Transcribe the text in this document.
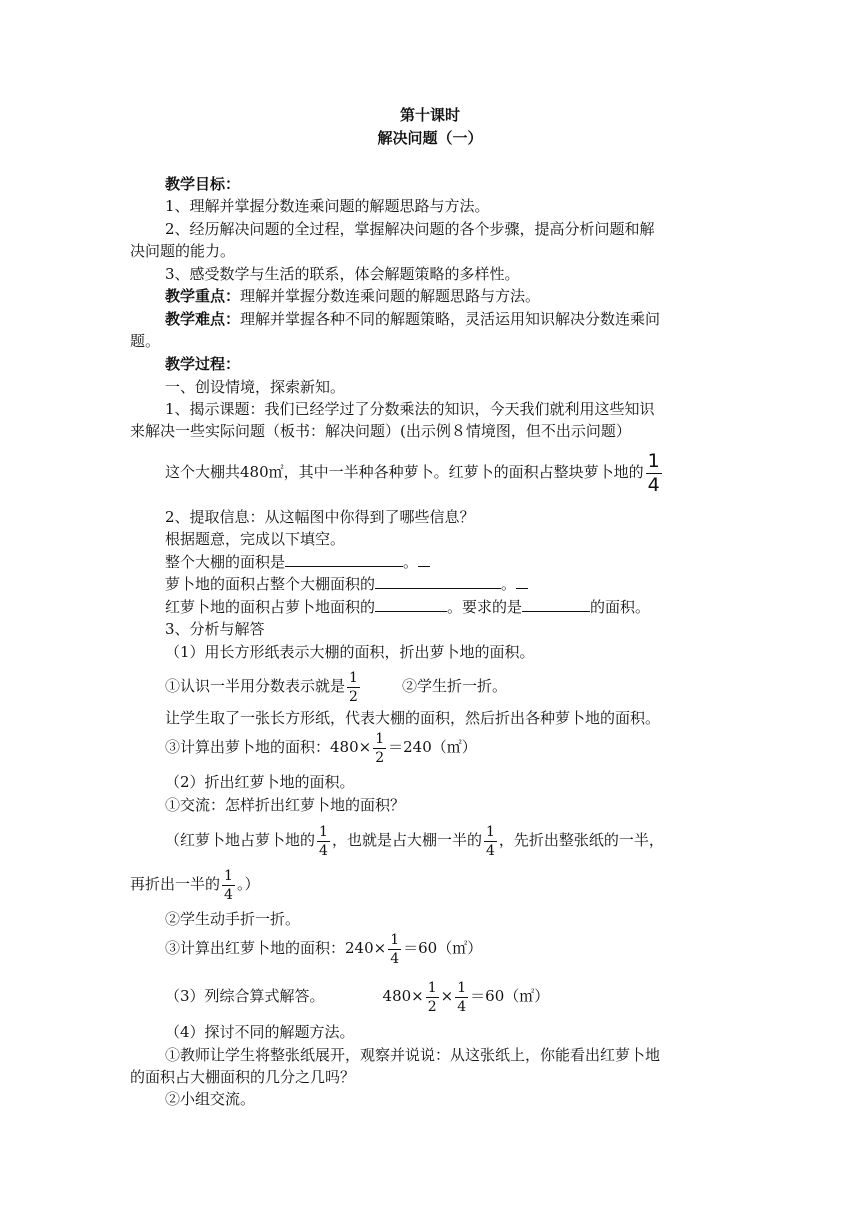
第十课时
解决问题（一）
教学目标：
1、理解并掌握分数连乘问题的解题思路与方法。
2、经历解决问题的全过程，掌握解决问题的各个步骤，提高分析问题和解
决问题的能力。
3、感受数学与生活的联系，体会解题策略的多样性。
教学重点：理解并掌握分数连乘问题的解题思路与方法。
教学难点：理解并掌握各种不同的解题策略，灵活运用知识解决分数连乘问
题。
教学过程：
一、创设情境，探索新知。
1、揭示课题：我们已经学过了分数乘法的知识，今天我们就利用这些知识
来解决一些实际问题（板书：解决问题）(出示例８情境图，但不出示问题）
这个大棚共480㎡，其中一半种各种萝卜。红萝卜的面积占整块萝卜地的 $\frac{1}{4}$
2、提取信息：从这幅图中你得到了哪些信息？
根据题意，完成以下填空。
整个大棚的面积是	。
萝卜地的面积占整个大棚面积的	。
红萝卜地的面积占萝卜地面积的	。要求的是	的面积。
3、分析与解答
（1）用长方形纸表示大棚的面积，折出萝卜地的面积。
①认识一半用分数表示就是 $\frac{1}{2}$	②学生折一折。
让学生取了一张长方形纸，代表大棚的面积，然后折出各种萝卜地的面积。
③计算出萝卜地的面积：$480\times \frac{1}{2}$ ＝240（㎡）
（2）折出红萝卜地的面积。
①交流：怎样折出红萝卜地的面积？
（红萝卜地占萝卜地的 $\frac{1}{4}$ ，也就是占大棚一半的 $\frac{1}{4}$ ，先折出整张纸的一半，
再折出一半的 $\frac{1}{4}$ 。）
②学生动手折一折。
③计算出红萝卜地的面积：$240\times \frac{1}{4}$ ＝60（㎡）
（3）列综合算式解答。	$480\times \frac{1}{2} \times \frac{1}{4}$ ＝60（㎡）
（4）探讨不同的解题方法。
①教师让学生将整张纸展开，观察并说说：从这张纸上，你能看出红萝卜地
的面积占大棚面积的几分之几吗？
②小组交流。
